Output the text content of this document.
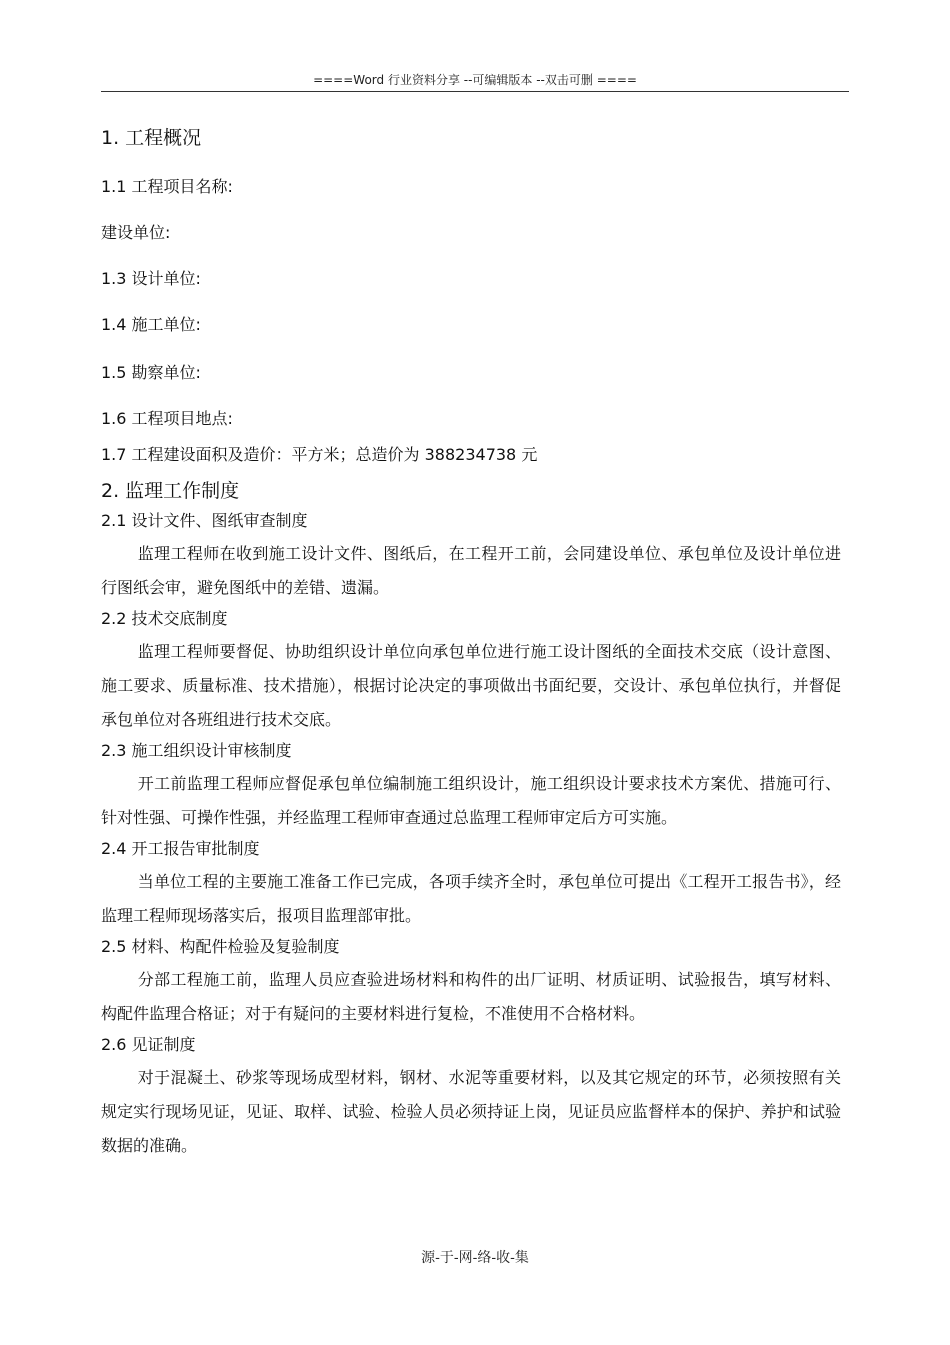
====Word 行业资料分享 --可编辑版本 --双击可删 ====

1. 工程概况

1.1 工程项目名称:

建设单位:

1.3 设计单位:

1.4 施工单位:

1.5 勘察单位:

1.6 工程项目地点:

1.7 工程建设面积及造价：平方米；总造价为 388234738 元

2. 监理工作制度

2.1 设计文件、图纸审查制度

监理工程师在收到施工设计文件、图纸后，在工程开工前，会同建设单位、承包单位及设计单位进行图纸会审，避免图纸中的差错、遗漏。

2.2 技术交底制度

监理工程师要督促、协助组织设计单位向承包单位进行施工设计图纸的全面技术交底（设计意图、施工要求、质量标准、技术措施），根据讨论决定的事项做出书面纪要，交设计、承包单位执行，并督促承包单位对各班组进行技术交底。

2.3 施工组织设计审核制度

开工前监理工程师应督促承包单位编制施工组织设计，施工组织设计要求技术方案优、措施可行、针对性强、可操作性强，并经监理工程师审查通过总监理工程师审定后方可实施。

2.4 开工报告审批制度

当单位工程的主要施工准备工作已完成，各项手续齐全时，承包单位可提出《工程开工报告书》，经监理工程师现场落实后，报项目监理部审批。

2.5 材料、构配件检验及复验制度

分部工程施工前，监理人员应查验进场材料和构件的出厂证明、材质证明、试验报告，填写材料、构配件监理合格证；对于有疑问的主要材料进行复检，不准使用不合格材料。

2.6 见证制度

对于混凝土、砂浆等现场成型材料，钢材、水泥等重要材料，以及其它规定的环节，必须按照有关规定实行现场见证，见证、取样、试验、检验人员必须持证上岗，见证员应监督样本的保护、养护和试验数据的准确。

源-于-网-络-收-集
